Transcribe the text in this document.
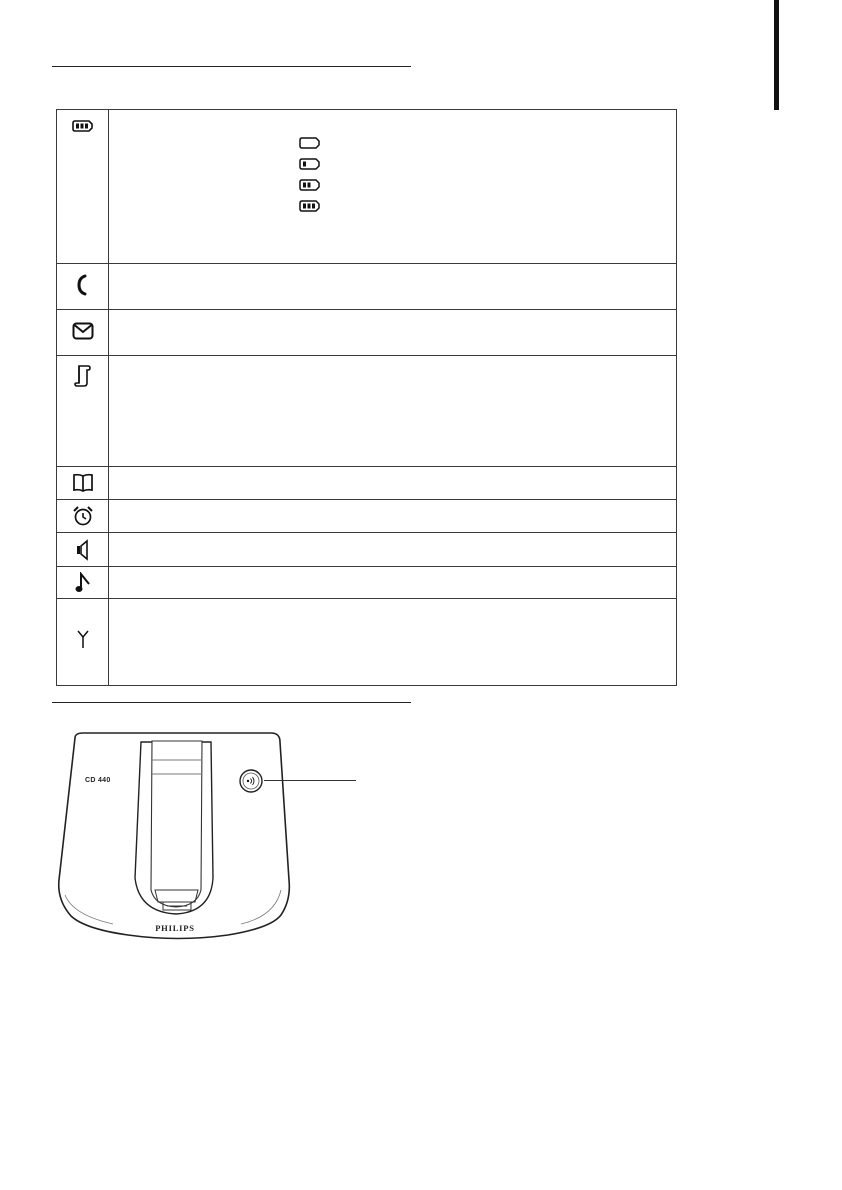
CD 440
PHILIPS
